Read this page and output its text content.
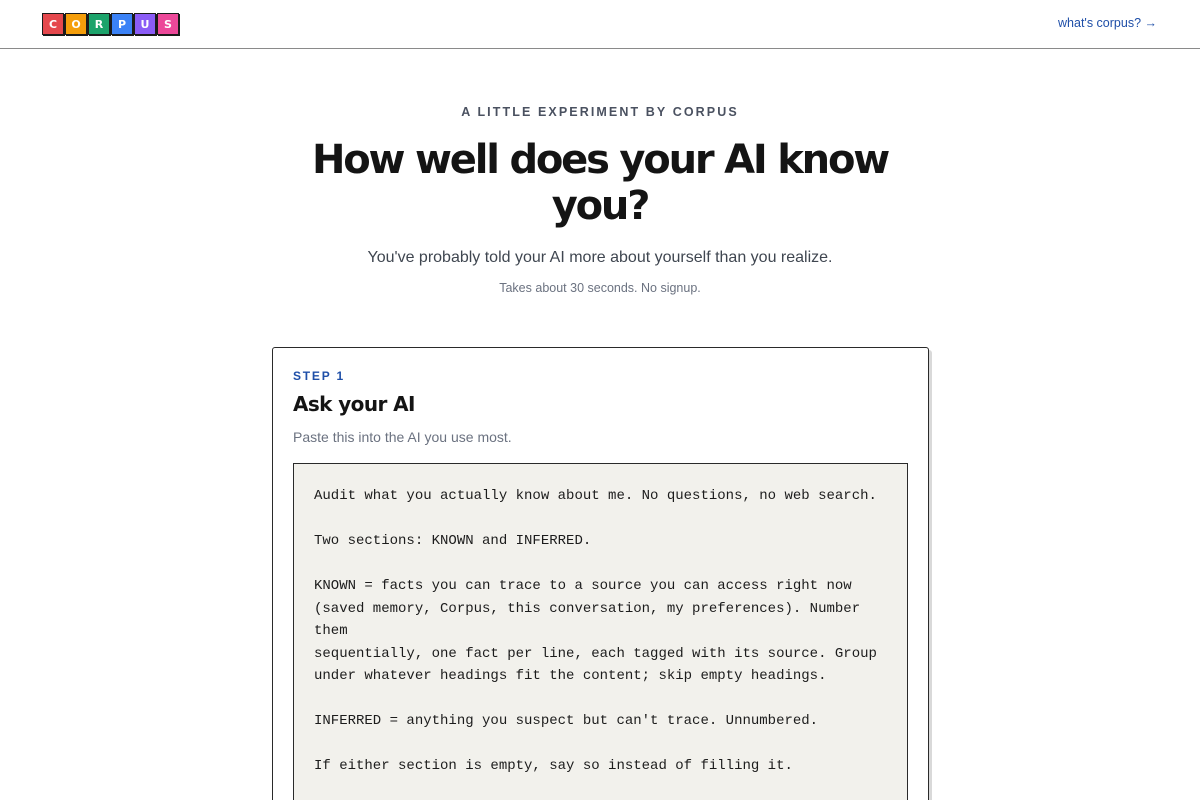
C	O	R	P	U	S	what's corpus? →
A LITTLE EXPERIMENT BY CORPUS
How well does your AI know you?

You've probably told your AI more about yourself than you realize.

Takes about 30 seconds. No signup.

STEP 1
Ask your AI

Paste this into the AI you use most.

Audit what you actually know about me. No questions, no web search.

Two sections: KNOWN and INFERRED.

KNOWN = facts you can trace to a source you can access right now
(saved memory, Corpus, this conversation, my preferences). Number them
sequentially, one fact per line, each tagged with its source. Group
under whatever headings fit the content; skip empty headings.

INFERRED = anything you suspect but can't trace. Unnumbered.

If either section is empty, say so instead of filling it.
